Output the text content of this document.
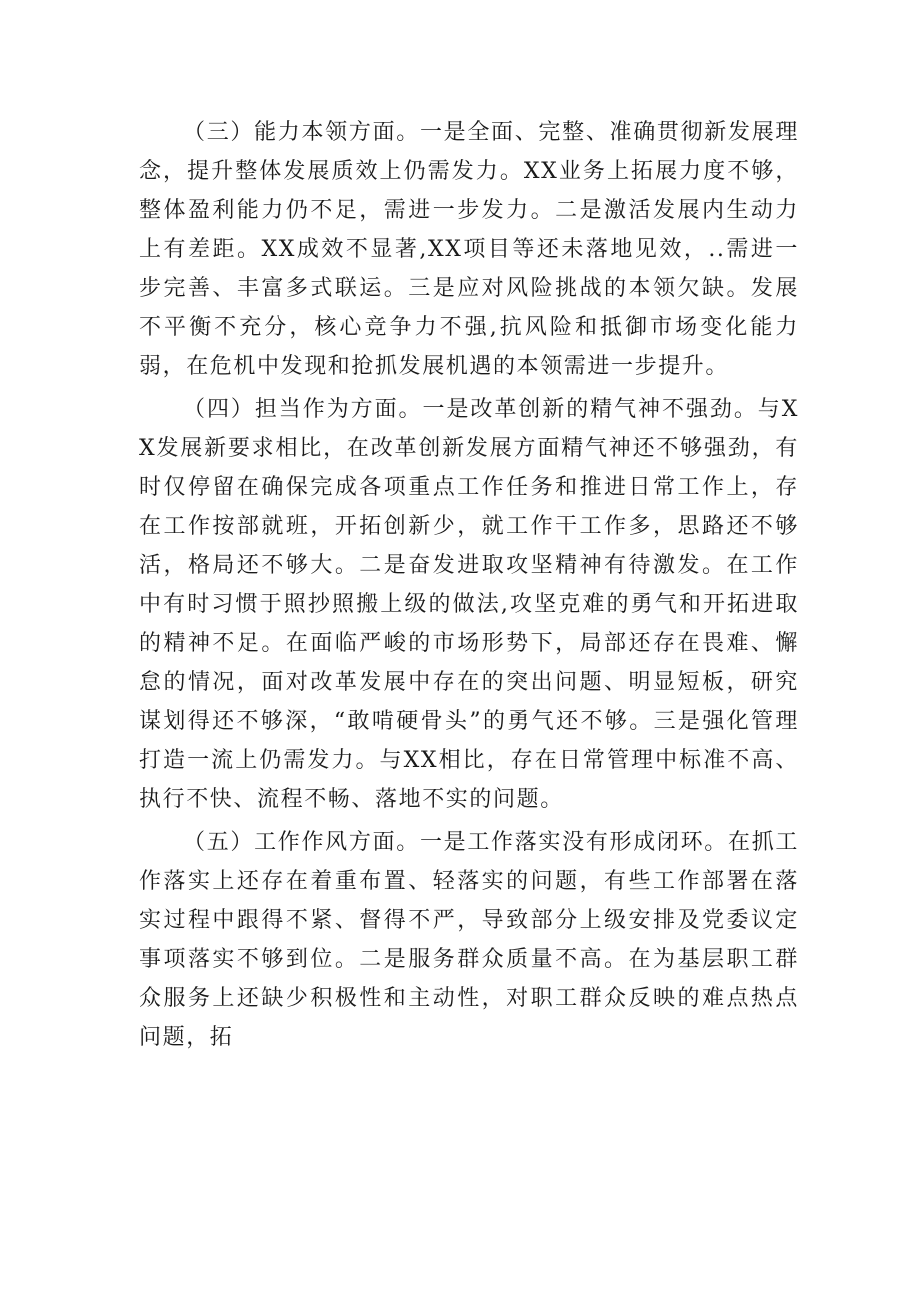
（三）能力本领方面。一是全面、完整、准确贯彻新发展理念，提升整体发展质效上仍需发力。XX业务上拓展力度不够，整体盈利能力仍不足，需进一步发力。二是激活发展内生动力上有差距。XX成效不显著,XX项目等还未落地见效，..需进一步完善、丰富多式联运。三是应对风险挑战的本领欠缺。发展不平衡不充分，核心竞争力不强,抗风险和抵御市场变化能力弱，在危机中发现和抢抓发展机遇的本领需进一步提升。

（四）担当作为方面。一是改革创新的精气神不强劲。与XX发展新要求相比，在改革创新发展方面精气神还不够强劲，有时仅停留在确保完成各项重点工作任务和推进日常工作上，存在工作按部就班，开拓创新少，就工作干工作多，思路还不够活，格局还不够大。二是奋发进取攻坚精神有待激发。在工作中有时习惯于照抄照搬上级的做法,攻坚克难的勇气和开拓进取的精神不足。在面临严峻的市场形势下，局部还存在畏难、懈怠的情况，面对改革发展中存在的突出问题、明显短板，研究谋划得还不够深，“敢啃硬骨头”的勇气还不够。三是强化管理打造一流上仍需发力。与XX相比，存在日常管理中标准不高、执行不快、流程不畅、落地不实的问题。

（五）工作作风方面。一是工作落实没有形成闭环。在抓工作落实上还存在着重布置、轻落实的问题，有些工作部署在落实过程中跟得不紧、督得不严，导致部分上级安排及党委议定事项落实不够到位。二是服务群众质量不高。在为基层职工群众服务上还缺少积极性和主动性，对职工群众反映的难点热点问题，拓
